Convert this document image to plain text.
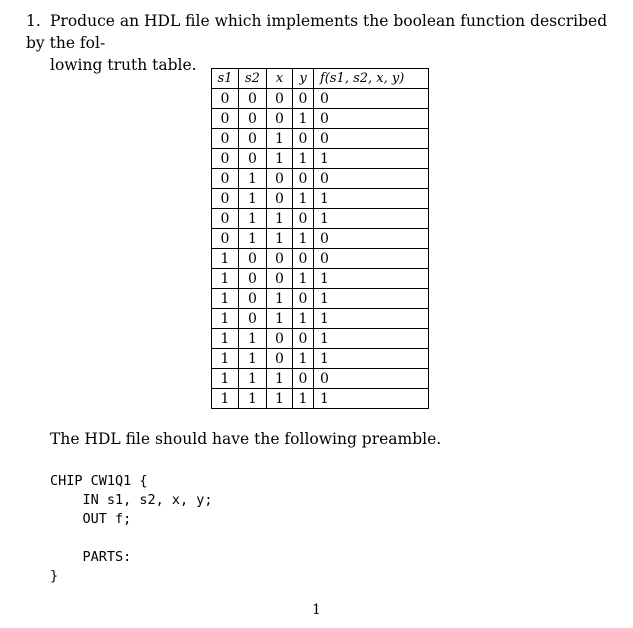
1. Produce an HDL file which implements the boolean function described by the fol-
lowing truth table.
s1	s2	x	y	f(s1, s2, x, y)
0	0	0	0	0
0	0	0	1	0
0	0	1	0	0
0	0	1	1	1
0	1	0	0	0
0	1	0	1	1
0	1	1	0	1
0	1	1	1	0
1	0	0	0	0
1	0	0	1	1
1	0	1	0	1
1	0	1	1	1
1	1	0	0	1
1	1	0	1	1
1	1	1	0	0
1	1	1	1	1
The HDL file should have the following preamble.
CHIP CW1Q1 {
IN s1, s2, x, y;
OUT f;
PARTS:
}
1
